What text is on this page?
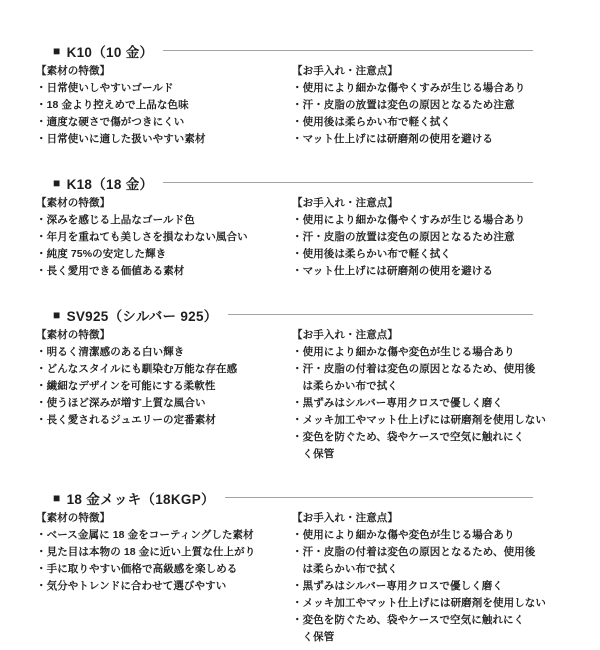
■ K10（10 金）
【素材の特徴】
・日常使いしやすいゴールド
・18 金より控えめで上品な色味
・適度な硬さで傷がつきにくい
・日常使いに適した扱いやすい素材
【お手入れ・注意点】
・使用により細かな傷やくすみが生じる場合あり
・汗・皮脂の放置は変色の原因となるため注意
・使用後は柔らかい布で軽く拭く
・マット仕上げには研磨剤の使用を避ける
■ K18（18 金）
【素材の特徴】
・深みを感じる上品なゴールド色
・年月を重ねても美しさを損なわない風合い
・純度 75%の安定した輝き
・長く愛用できる価値ある素材
【お手入れ・注意点】
・使用により細かな傷やくすみが生じる場合あり
・汗・皮脂の放置は変色の原因となるため注意
・使用後は柔らかい布で軽く拭く
・マット仕上げには研磨剤の使用を避ける
■ SV925（シルバー 925）
【素材の特徴】
・明るく清潔感のある白い輝き
・どんなスタイルにも馴染む万能な存在感
・繊細なデザインを可能にする柔軟性
・使うほど深みが増す上質な風合い
・長く愛されるジュエリーの定番素材
【お手入れ・注意点】
・使用により細かな傷や変色が生じる場合あり
・汗・皮脂の付着は変色の原因となるため、使用後
は柔らかい布で拭く
・黒ずみはシルバー専用クロスで優しく磨く
・メッキ加工やマット仕上げには研磨剤を使用しない
・変色を防ぐため、袋やケースで空気に触れにく
く保管
■ 18 金メッキ（18KGP）
【素材の特徴】
・ベース金属に 18 金をコーティングした素材
・見た目は本物の 18 金に近い上質な仕上がり
・手に取りやすい価格で高級感を楽しめる
・気分やトレンドに合わせて選びやすい
【お手入れ・注意点】
・使用により細かな傷や変色が生じる場合あり
・汗・皮脂の付着は変色の原因となるため、使用後
は柔らかい布で拭く
・黒ずみはシルバー専用クロスで優しく磨く
・メッキ加工やマット仕上げには研磨剤を使用しない
・変色を防ぐため、袋やケースで空気に触れにく
く保管
